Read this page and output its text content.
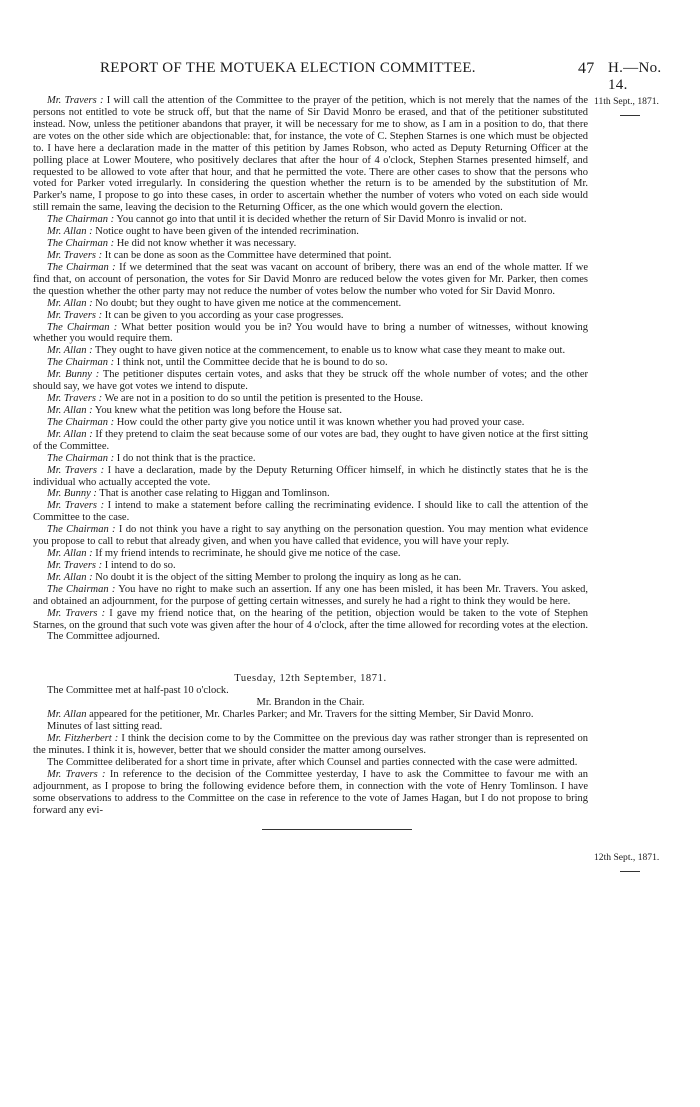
REPORT OF THE MOTUEKA ELECTION COMMITTEE.	47 H.—No. 14.
11th Sept., 1871.
12th Sept., 1871.

Mr. Travers : I will call the attention of the Committee to the prayer of the petition, which is not merely that the names of the persons not entitled to vote be struck off, but that the name of Sir David Monro be erased, and that of the petitioner substituted instead. Now, unless the petitioner abandons that prayer, it will be necessary for me to show, as I am in a position to do, that there are votes on the other side which are objectionable: that, for instance, the vote of C. Stephen Starnes is one which must be objected to. I have here a declaration made in the matter of this petition by James Robson, who acted as Deputy Returning Officer at the polling place at Lower Moutere, who positively declares that after the hour of 4 o'clock, Stephen Starnes presented himself, and requested to be allowed to vote after that hour, and that he permitted the vote. There are other cases to show that the persons who voted for Parker voted irregularly. In considering the question whether the return is to be amended by the substitution of Mr. Parker's name, I propose to go into these cases, in order to ascertain whether the number of voters who voted on each side would still remain the same, leaving the decision to the Returning Officer, as the one which would govern the election.

The Chairman : You cannot go into that until it is decided whether the return of Sir David Monro is invalid or not.

Mr. Allan : Notice ought to have been given of the intended recrimination.

The Chairman : He did not know whether it was necessary.

Mr. Travers : It can be done as soon as the Committee have determined that point.

The Chairman : If we determined that the seat was vacant on account of bribery, there was an end of the whole matter. If we find that, on account of personation, the votes for Sir David Monro are reduced below the votes given for Mr. Parker, then comes the question whether the other party may not reduce the number of votes below the number who voted for Sir David Monro.

Mr. Allan : No doubt; but they ought to have given me notice at the commencement.

Mr. Travers : It can be given to you according as your case progresses.

The Chairman : What better position would you be in? You would have to bring a number of witnesses, without knowing whether you would require them.

Mr. Allan : They ought to have given notice at the commencement, to enable us to know what case they meant to make out.

The Chairman : I think not, until the Committee decide that he is bound to do so.

Mr. Bunny : The petitioner disputes certain votes, and asks that they be struck off the whole number of votes; and the other should say, we have got votes we intend to dispute.

Mr. Travers : We are not in a position to do so until the petition is presented to the House.

Mr. Allan : You knew what the petition was long before the House sat.

The Chairman : How could the other party give you notice until it was known whether you had proved your case.

Mr. Allan : If they pretend to claim the seat because some of our votes are bad, they ought to have given notice at the first sitting of the Committee.

The Chairman : I do not think that is the practice.

Mr. Travers : I have a declaration, made by the Deputy Returning Officer himself, in which he distinctly states that he is the individual who actually accepted the vote.

Mr. Bunny : That is another case relating to Higgan and Tomlinson.

Mr. Travers : I intend to make a statement before calling the recriminating evidence. I should like to call the attention of the Committee to the case.

The Chairman : I do not think you have a right to say anything on the personation question. You may mention what evidence you propose to call to rebut that already given, and when you have called that evidence, you will have your reply.

Mr. Allan : If my friend intends to recriminate, he should give me notice of the case.

Mr. Travers : I intend to do so.

Mr. Allan : No doubt it is the object of the sitting Member to prolong the inquiry as long as he can.

The Chairman : You have no right to make such an assertion. If any one has been misled, it has been Mr. Travers. You asked, and obtained an adjournment, for the purpose of getting certain witnesses, and surely he had a right to think they would be here.

Mr. Travers : I gave my friend notice that, on the hearing of the petition, objection would be taken to the vote of Stephen Starnes, on the ground that such vote was given after the hour of 4 o'clock, after the time allowed for recording votes at the election.

The Committee adjourned.

Tuesday, 12th September, 1871.

The Committee met at half-past 10 o'clock.

Mr. Brandon in the Chair.

Mr. Allan appeared for the petitioner, Mr. Charles Parker; and Mr. Travers for the sitting Member, Sir David Monro.

Minutes of last sitting read.

Mr. Fitzherbert : I think the decision come to by the Committee on the previous day was rather stronger than is represented on the minutes. I think it is, however, better that we should consider the matter among ourselves.

The Committee deliberated for a short time in private, after which Counsel and parties connected with the case were admitted.

Mr. Travers : In reference to the decision of the Committee yesterday, I have to ask the Committee to favour me with an adjournment, as I propose to bring the following evidence before them, in connection with the vote of Henry Tomlinson. I have some observations to address to the Committee on the case in reference to the vote of James Hagan, but I do not propose to bring forward any evi-
